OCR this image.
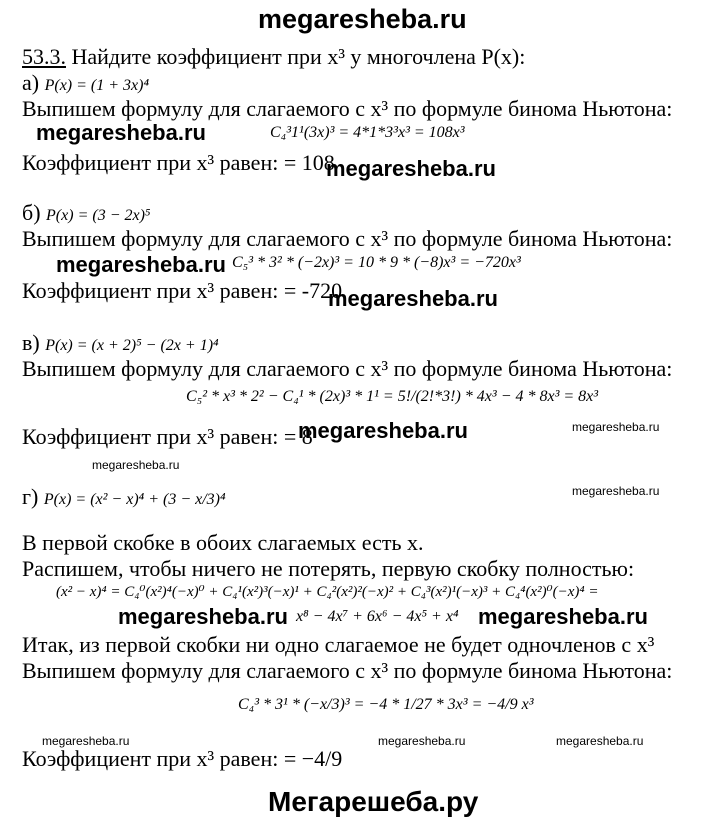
megaresheba.ru
53.3. Найдите коэффициент при x³ у многочлена P(x):
а) P(x) = (1 + 3x)⁴
Выпишем формулу для слагаемого с x³ по формуле бинома Ньютона:
megaresheba.ru	C₄³1¹(3x)³ = 4*1*3³x³ = 108x³
Коэффициент при x³ равен: = 108
megaresheba.ru
б) P(x) = (3 − 2x)⁵
Выпишем формулу для слагаемого с x³ по формуле бинома Ньютона:
megaresheba.ru C₅³ * 3² * (−2x)³ = 10 * 9 * (−8)x³ = −720x³
Коэффициент при x³ равен: = -720
megaresheba.ru
в) P(x) = (x + 2)⁵ − (2x + 1)⁴
Выпишем формулу для слагаемого с x³ по формуле бинома Ньютона:
C₅² * x³ * 2² − C₄¹ * (2x)³ * 1¹ = 5!/(2!*3!) * 4x³ − 4 * 8x³ = 8x³
Коэффициент при x³ равен: = 8
megaresheba.ru	megaresheba.ru
megaresheba.ru
г) P(x) = (x² − x)⁴ + (3 − x/3)⁴	megaresheba.ru
В первой скобке в обоих слагаемых есть x.
Распишем, чтобы ничего не потерять, первую скобку полностью:
(x² − x)⁴ = C₄⁰(x²)⁴(−x)⁰ + C₄¹(x²)³(−x)¹ + C₄²(x²)²(−x)² + C₄³(x²)¹(−x)³ + C₄⁴(x²)⁰(−x)⁴ =
megaresheba.ru x⁸ − 4x⁷ + 6x⁶ − 4x⁵ + x⁴ megaresheba.ru
Итак, из первой скобки ни одно слагаемое не будет одночленов с x³
Выпишем формулу для слагаемого с x³ по формуле бинома Ньютона:
C₄³ * 3¹ * (−x/3)³ = −4 * 1/27 * 3x³ = −4/9 x³
megaresheba.ru	megaresheba.ru	megaresheba.ru
Коэффициент при x³ равен: = −4/9
Мегарешеба.ру
